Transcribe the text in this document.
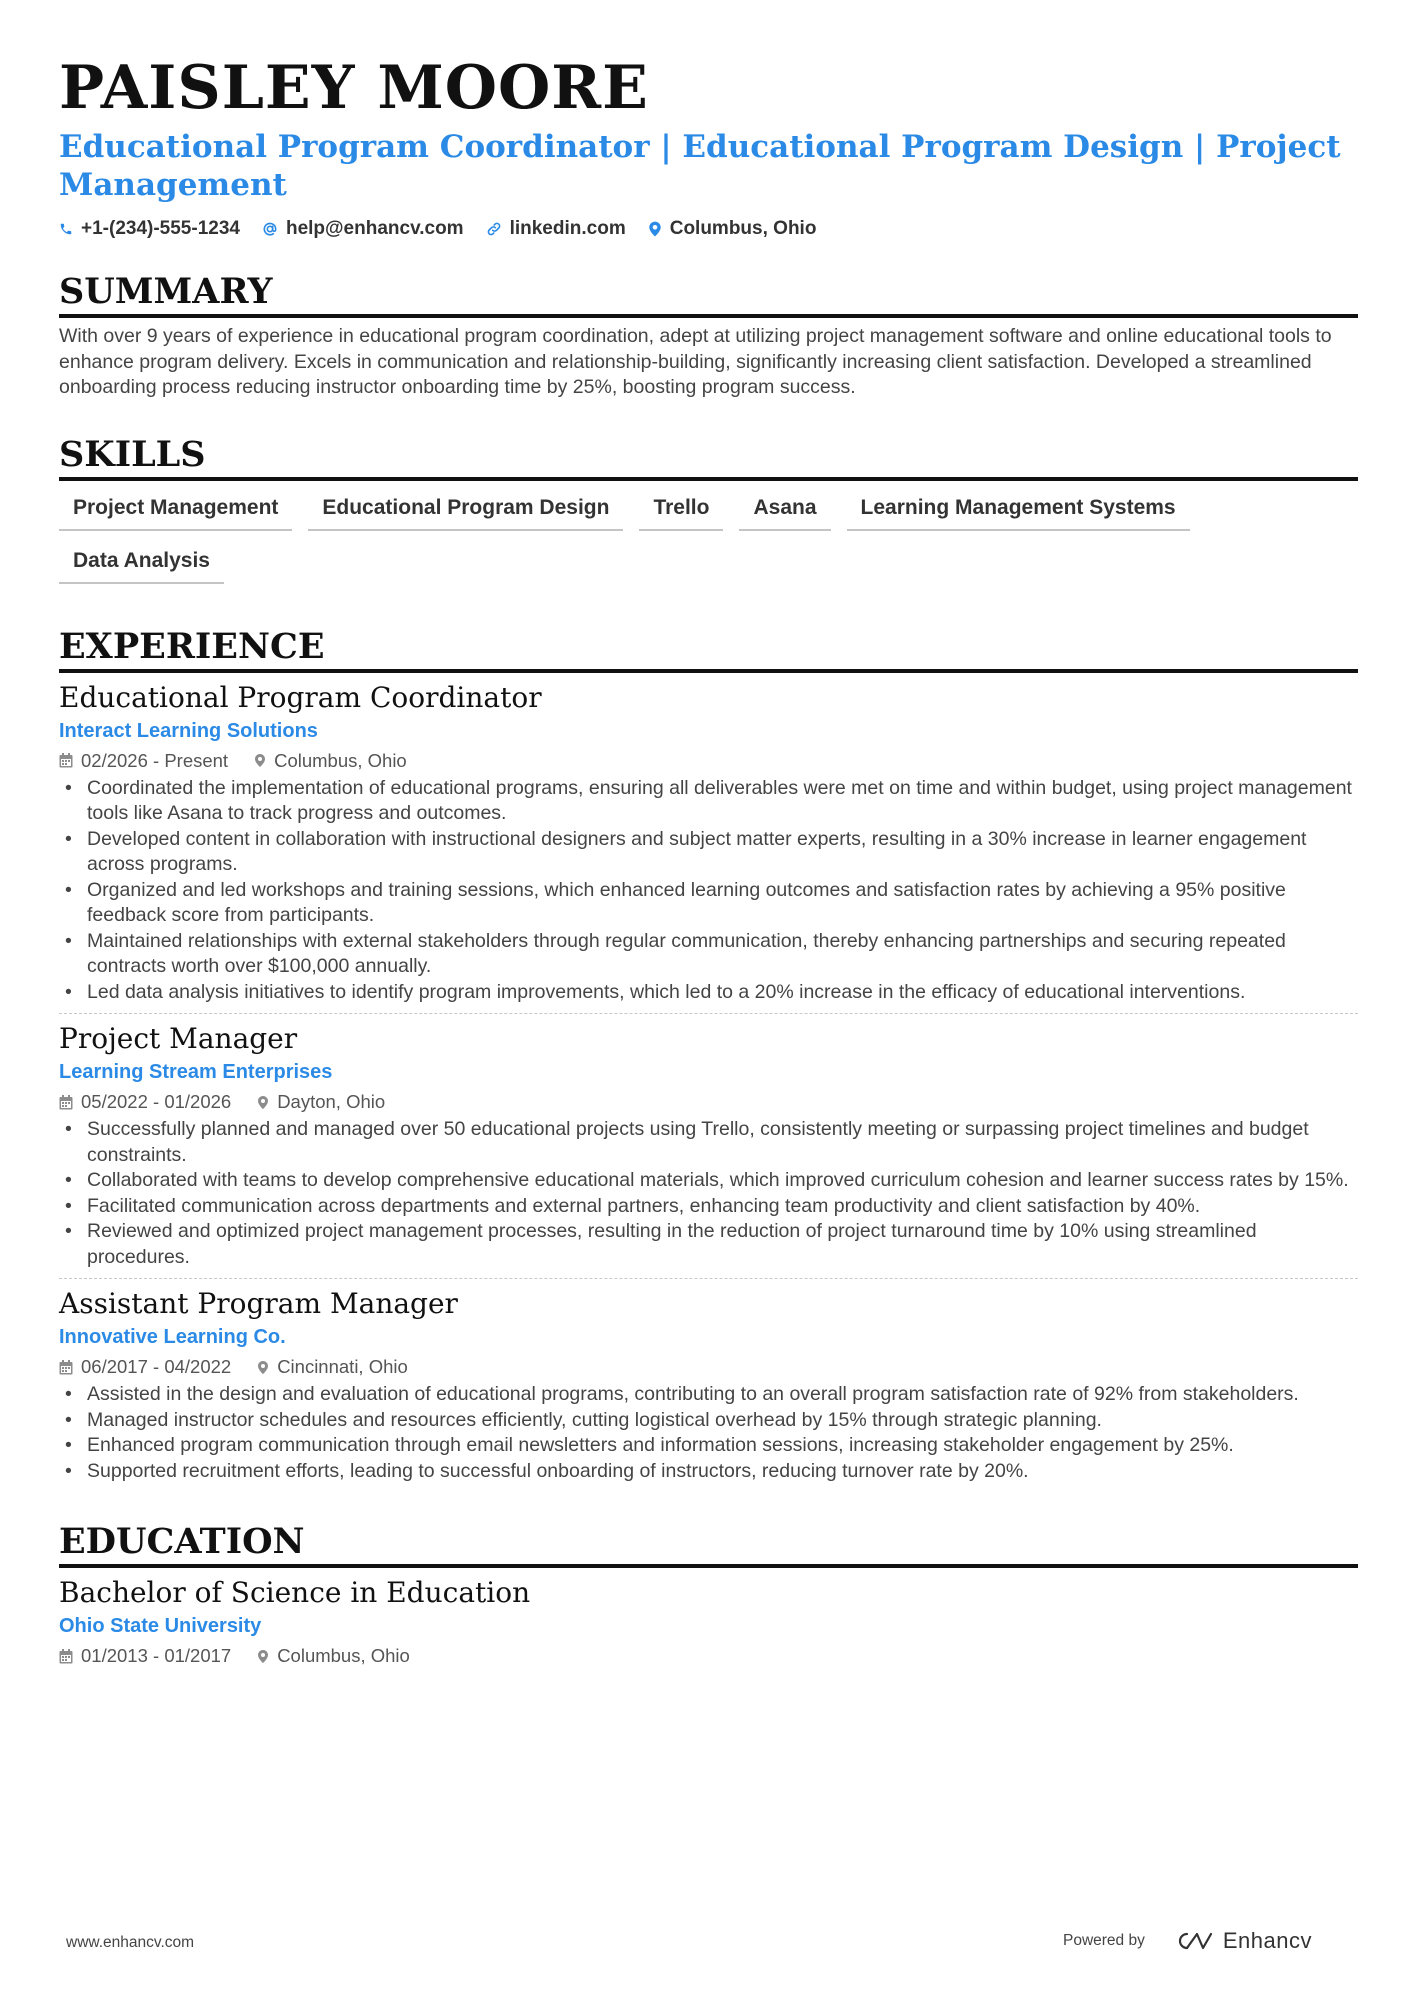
PAISLEY MOORE
Educational Program Coordinator | Educational Program Design | Project Management
+1-(234)-555-1234 help@enhancv.com linkedin.com Columbus, Ohio
SUMMARY

With over 9 years of experience in educational program coordination, adept at utilizing project management software and online educational tools to enhance program delivery. Excels in communication and relationship-building, significantly increasing client satisfaction. Developed a streamlined onboarding process reducing instructor onboarding time by 25%, boosting program success.

SKILLS
Project Management	Educational Program Design	Trello	Asana	Learning Management Systems
Data Analysis
EXPERIENCE
Educational Program Coordinator
Interact Learning Solutions
02/2026 - Present Columbus, Ohio
• Coordinated the implementation of educational programs, ensuring all deliverables were met on time and within budget, using project management tools like Asana to track progress and outcomes.
• Developed content in collaboration with instructional designers and subject matter experts, resulting in a 30% increase in learner engagement across programs.
• Organized and led workshops and training sessions, which enhanced learning outcomes and satisfaction rates by achieving a 95% positive feedback score from participants.
• Maintained relationships with external stakeholders through regular communication, thereby enhancing partnerships and securing repeated contracts worth over $100,000 annually.
• Led data analysis initiatives to identify program improvements, which led to a 20% increase in the efficacy of educational interventions.
Project Manager
Learning Stream Enterprises
05/2022 - 01/2026 Dayton, Ohio
• Successfully planned and managed over 50 educational projects using Trello, consistently meeting or surpassing project timelines and budget constraints.
• Collaborated with teams to develop comprehensive educational materials, which improved curriculum cohesion and learner success rates by 15%.
• Facilitated communication across departments and external partners, enhancing team productivity and client satisfaction by 40%.
• Reviewed and optimized project management processes, resulting in the reduction of project turnaround time by 10% using streamlined procedures.
Assistant Program Manager
Innovative Learning Co.
06/2017 - 04/2022 Cincinnati, Ohio
• Assisted in the design and evaluation of educational programs, contributing to an overall program satisfaction rate of 92% from stakeholders.
• Managed instructor schedules and resources efficiently, cutting logistical overhead by 15% through strategic planning.
• Enhanced program communication through email newsletters and information sessions, increasing stakeholder engagement by 25%.
• Supported recruitment efforts, leading to successful onboarding of instructors, reducing turnover rate by 20%.
EDUCATION
Bachelor of Science in Education
Ohio State University
01/2013 - 01/2017 Columbus, Ohio
www.enhancv.com	Powered by	Enhancv
